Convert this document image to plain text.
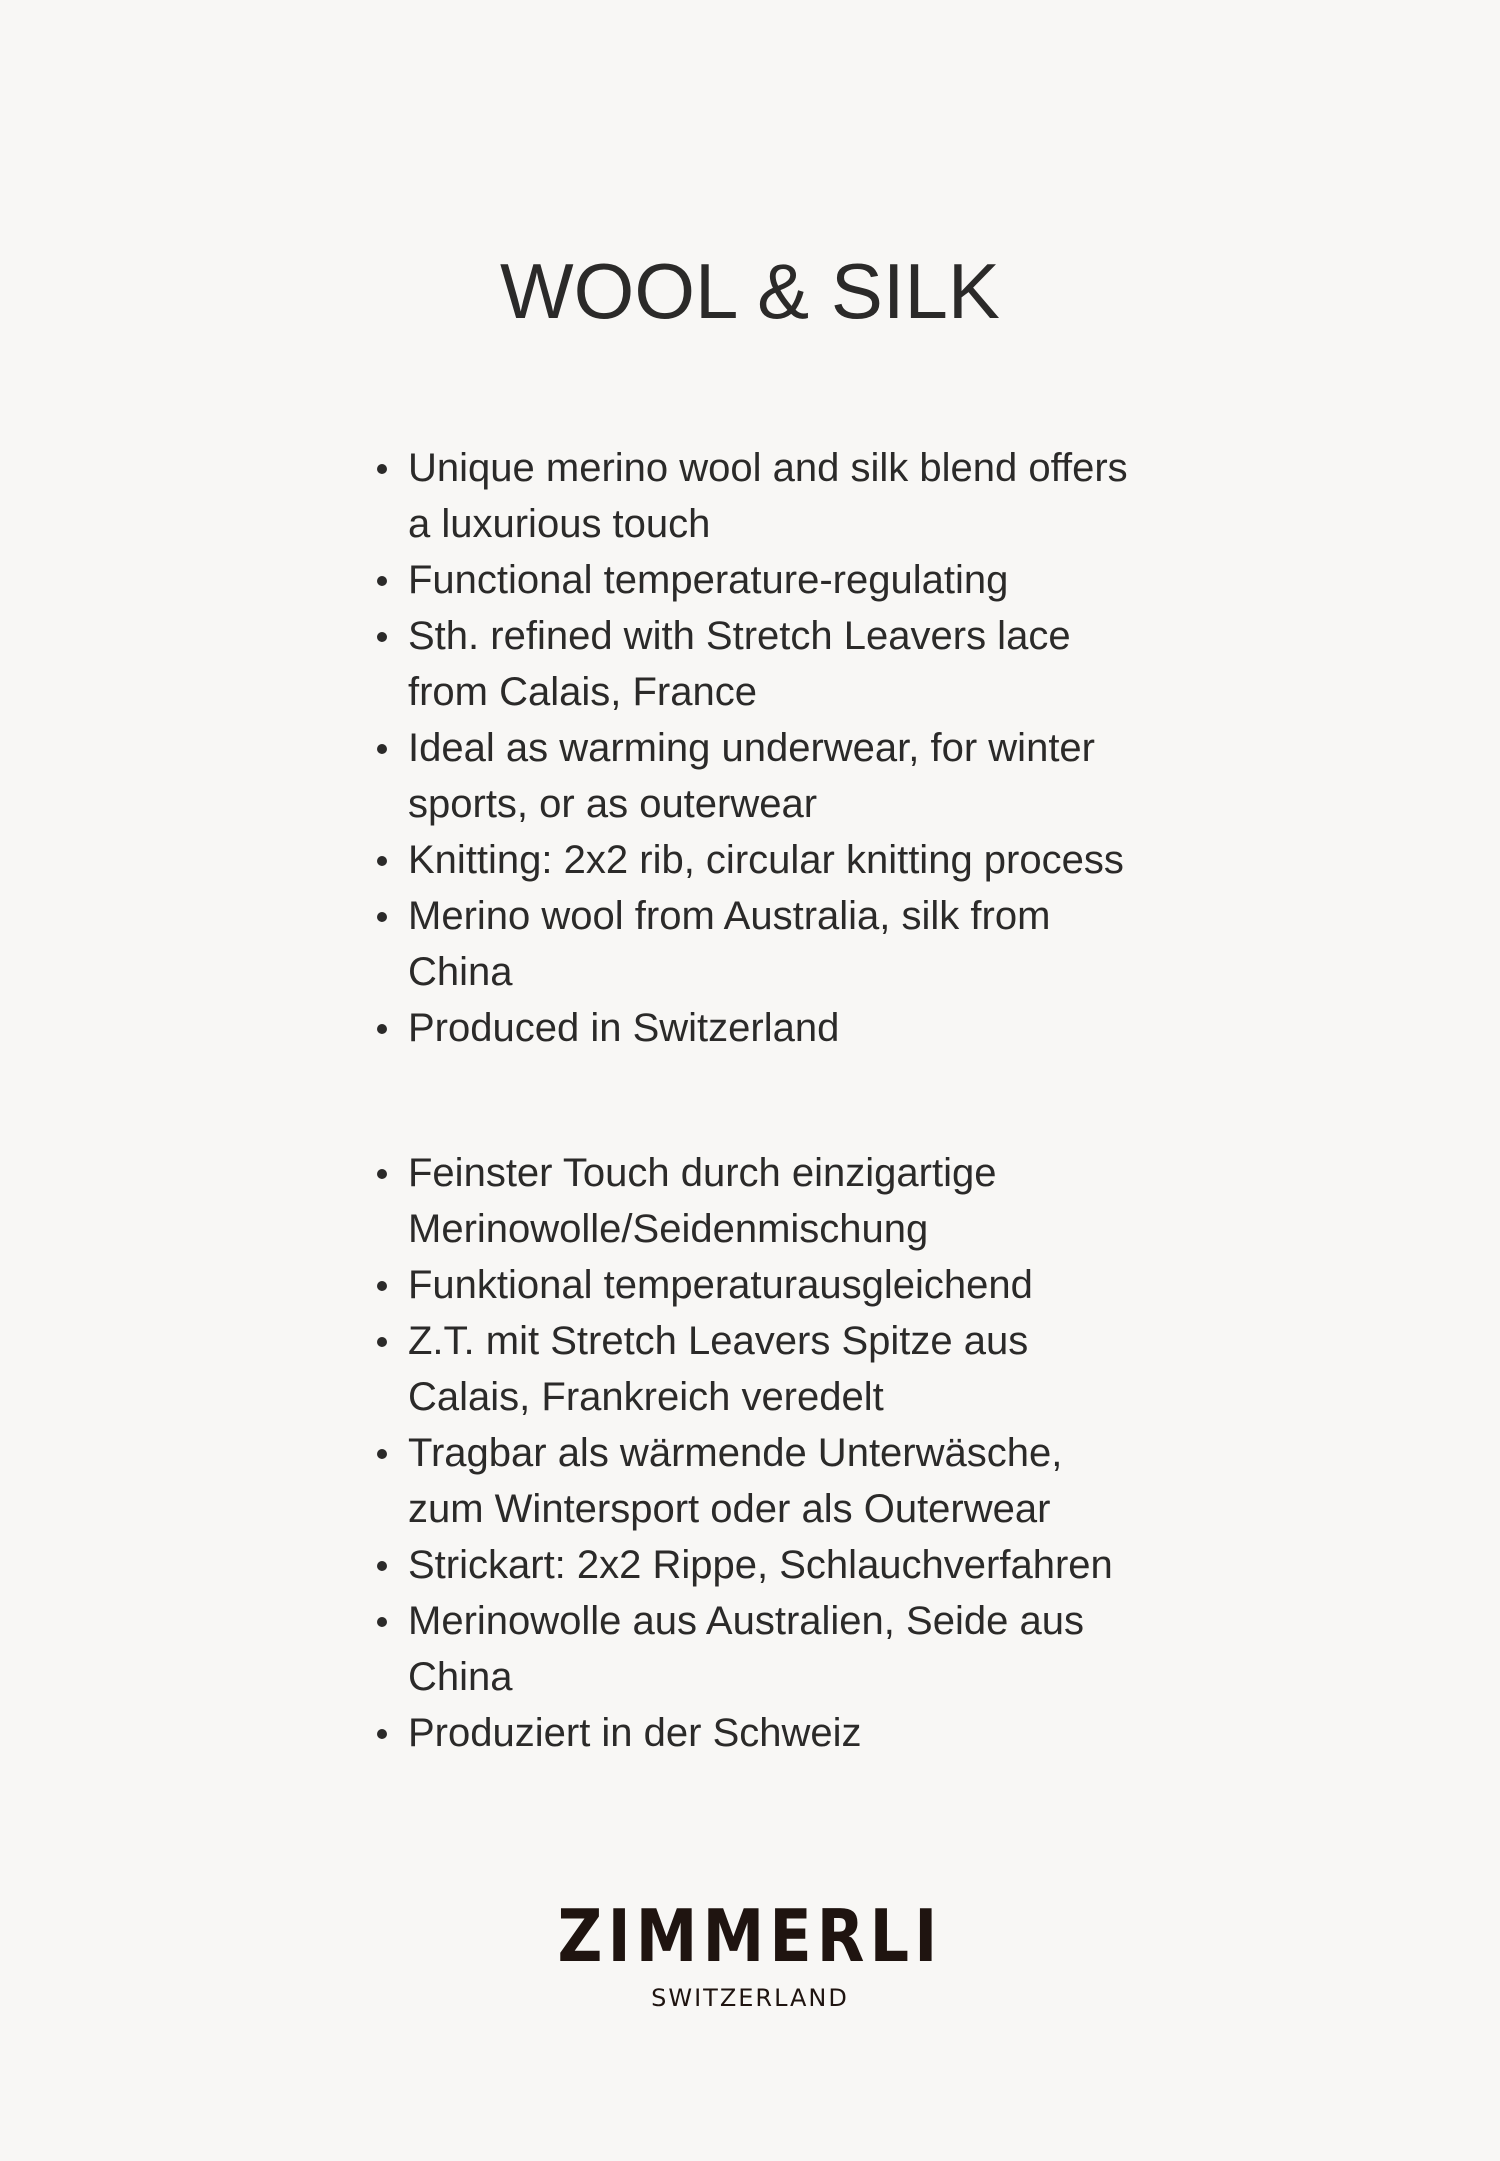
WOOL & SILK
Unique merino wool and silk blend offers
a luxurious touch
Functional temperature-regulating
Sth. refined with Stretch Leavers lace
from Calais, France
Ideal as warming underwear, for winter
sports, or as outerwear
Knitting: 2x2 rib, circular knitting process
Merino wool from Australia, silk from
China
Produced in Switzerland
Feinster Touch durch einzigartige
Merinowolle/Seidenmischung
Funktional temperaturausgleichend
Z.T. mit Stretch Leavers Spitze aus
Calais, Frankreich veredelt
Tragbar als wärmende Unterwäsche,
zum Wintersport oder als Outerwear
Strickart: 2x2 Rippe, Schlauchverfahren
Merinowolle aus Australien, Seide aus
China
Produziert in der Schweiz
ZIMMERLI
SWITZERLAND
